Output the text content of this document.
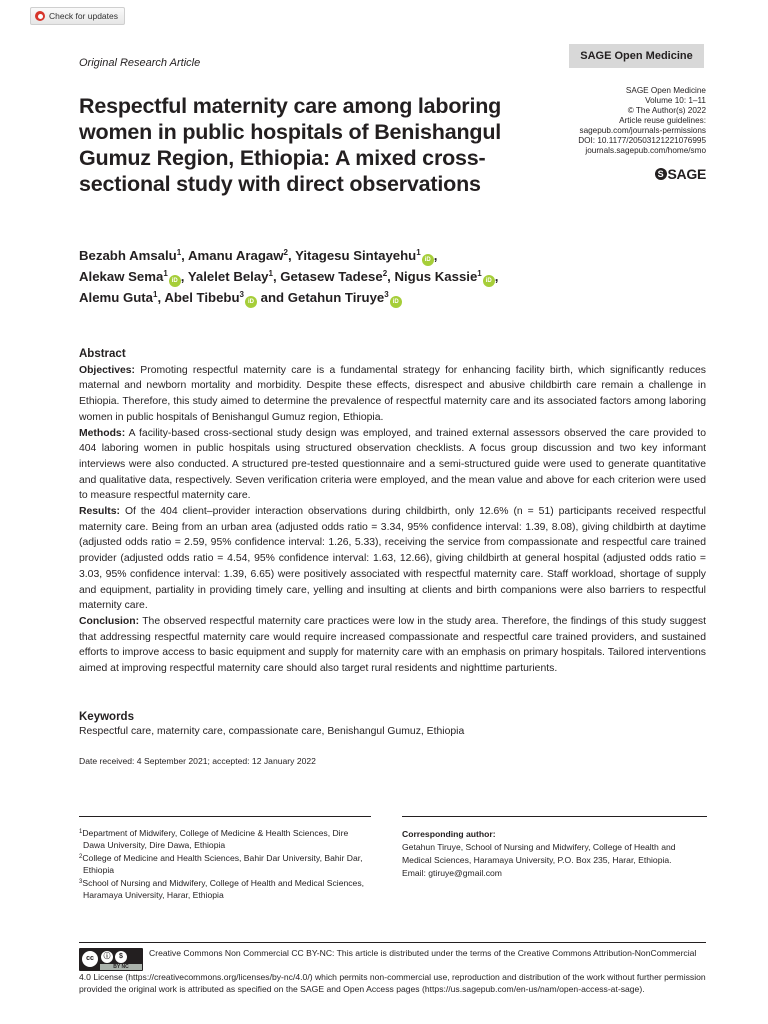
Check for updates
Original Research Article
SAGE Open Medicine
Respectful maternity care among laboring women in public hospitals of Benishangul Gumuz Region, Ethiopia: A mixed cross-sectional study with direct observations
SAGE Open Medicine
Volume 10: 1–11
© The Author(s) 2022
Article reuse guidelines:
sagepub.com/journals-permissions
DOI: 10.1177/20503121221076995
journals.sagepub.com/home/smo
S SAGE
Bezabh Amsalu$^1$, Amanu Aragaw$^2$, Yitagesu Sintayehu$^1$iD ,
Alekaw Sema$^1$iD , Yalelet Belay$^1$, Getasew Tadese$^2$, Nigus Kassie$^1$iD ,
Alemu Guta$^1$, Abel Tibebu$^3$iD and Getahun Tiruye$^3$iD
Abstract
Objectives: Promoting respectful maternity care is a fundamental strategy for enhancing facility birth, which significantly reduces maternal and newborn mortality and morbidity. Despite these effects, disrespect and abusive childbirth care remain a challenge in Ethiopia. Therefore, this study aimed to determine the prevalence of respectful maternity care and its associated factors among laboring women in public hospitals of Benishangul Gumuz region, Ethiopia.
Methods: A facility-based cross-sectional study design was employed, and trained external assessors observed the care provided to 404 laboring women in public hospitals using structured observation checklists. A focus group discussion and two key informant interviews were also conducted. A structured pre-tested questionnaire and a semi-structured guide were used to generate quantitative and qualitative data, respectively. Seven verification criteria were employed, and the mean value and above for each criterion were used to measure respectful maternity care.
Results: Of the 404 client–provider interaction observations during childbirth, only 12.6% (n = 51) participants received respectful maternity care. Being from an urban area (adjusted odds ratio = 3.34, 95% confidence interval: 1.39, 8.08), giving childbirth at daytime (adjusted odds ratio = 2.59, 95% confidence interval: 1.26, 5.33), receiving the service from compassionate and respectful care trained provider (adjusted odds ratio = 4.54, 95% confidence interval: 1.63, 12.66), giving childbirth at general hospital (adjusted odds ratio = 3.03, 95% confidence interval: 1.39, 6.65) were positively associated with respectful maternity care. Staff workload, shortage of supply and equipment, partiality in providing timely care, yelling and insulting at clients and birth companions were also barriers to respectful maternity care.
Conclusion: The observed respectful maternity care practices were low in the study area. Therefore, the findings of this study suggest that addressing respectful maternity care would require increased compassionate and respectful care trained providers, and sustained efforts to improve access to basic equipment and supply for maternity care with an emphasis on primary hospitals. Tailored interventions aimed at improving respectful maternity care should also target rural residents and nighttime parturients.
Keywords
Respectful care, maternity care, compassionate care, Benishangul Gumuz, Ethiopia
Date received: 4 September 2021; accepted: 12 January 2022

$^1$Department of Midwifery, College of Medicine & Health Sciences, Dire Dawa University, Dire Dawa, Ethiopia

$^2$College of Medicine and Health Sciences, Bahir Dar University, Bahir Dar, Ethiopia

$^3$School of Nursing and Midwifery, College of Health and Medical Sciences, Haramaya University, Harar, Ethiopia

Corresponding author:
Getahun Tiruye, School of Nursing and Midwifery, College of Health and Medical Sciences, Haramaya University, P.O. Box 235, Harar, Ethiopia.
Email: gtiruye@gmail.com
cc	ⓘ	$
BY NC
Creative Commons Non Commercial CC BY-NC: This article is distributed under the terms of the Creative Commons Attribution-NonCommercial 4.0 License (https://creativecommons.org/licenses/by-nc/4.0/) which permits non-commercial use, reproduction and distribution of the work without further permission provided the original work is attributed as specified on the SAGE and Open Access pages (https://us.sagepub.com/en-us/nam/open-access-at-sage).
